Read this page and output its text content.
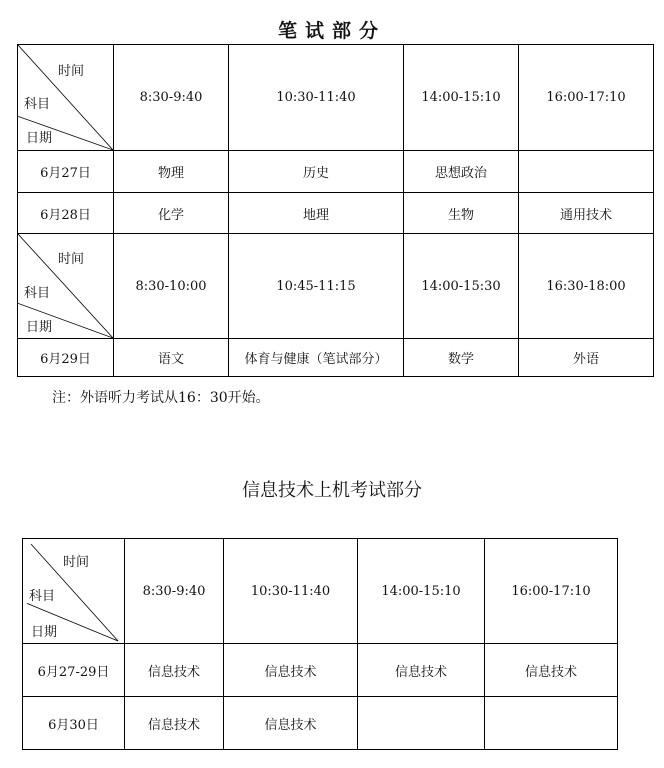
笔试部分
时间
科目
日期	8:30-9:40	10:30-11:40	14:00-15:10	16:00-17:10
6月27日	物理	历史	思想政治	
6月28日	化学	地理	生物	通用技术

时间
科目
日期	8:30-10:00	10:45-11:15	14:00-15:30	16:30-18:00
6月29日	语文	体育与健康（笔试部分）	数学	外语
注：外语听力考试从16：30开始。
信息技术上机考试部分
时间
科目
日期	8:30-9:40	10:30-11:40	14:00-15:10	16:00-17:10
6月27-29日	信息技术	信息技术	信息技术	信息技术
6月30日	信息技术	信息技术		
